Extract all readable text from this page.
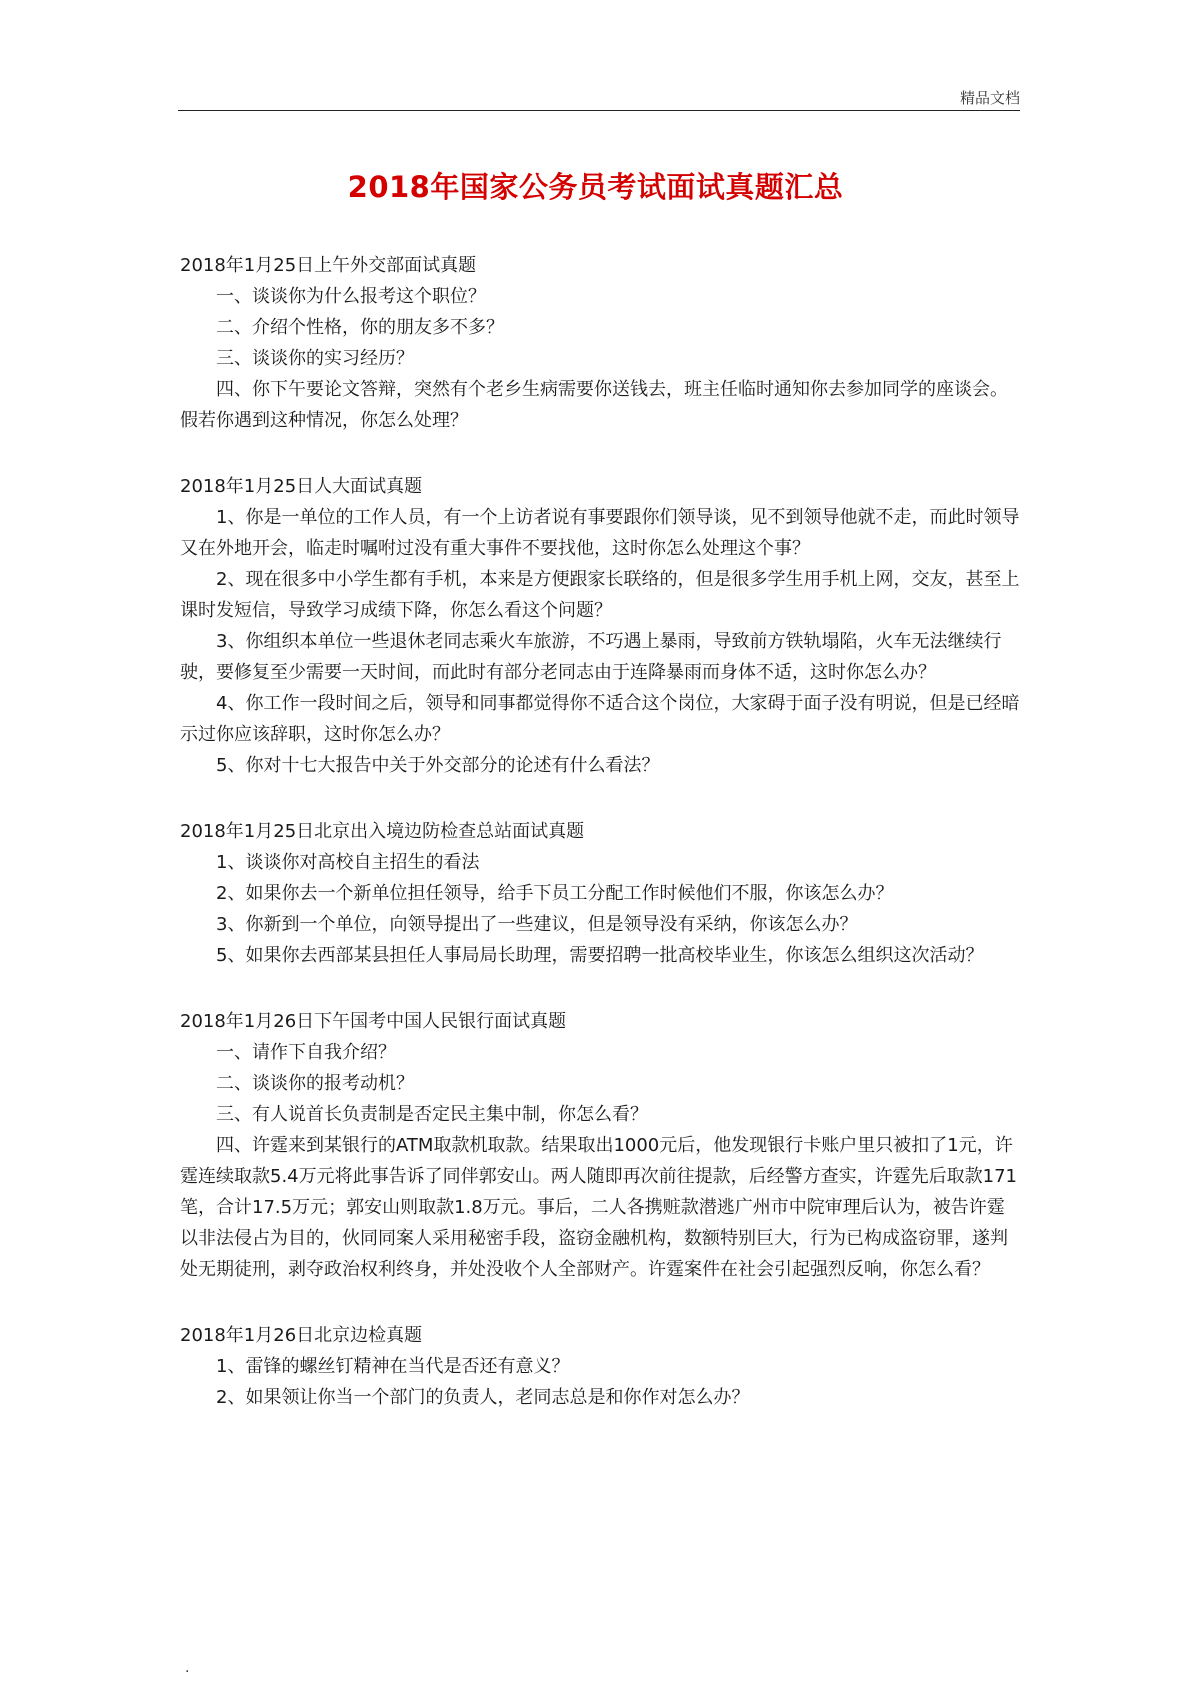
精品文档
2018年国家公务员考试面试真题汇总
2018年1月25日上午外交部面试真题

一、谈谈你为什么报考这个职位？

二、介绍个性格，你的朋友多不多？

三、谈谈你的实习经历？

四、你下午要论文答辩，突然有个老乡生病需要你送钱去，班主任临时通知你去参加同学的座谈会。假若你遇到这种情况，你怎么处理？

2018年1月25日人大面试真题

1、你是一单位的工作人员，有一个上访者说有事要跟你们领导谈，见不到领导他就不走，而此时领导又在外地开会，临走时嘱咐过没有重大事件不要找他，这时你怎么处理这个事？

2、现在很多中小学生都有手机，本来是方便跟家长联络的，但是很多学生用手机上网，交友，甚至上课时发短信，导致学习成绩下降，你怎么看这个问题？

3、你组织本单位一些退休老同志乘火车旅游，不巧遇上暴雨，导致前方铁轨塌陷，火车无法继续行驶，要修复至少需要一天时间，而此时有部分老同志由于连降暴雨而身体不适，这时你怎么办？

4、你工作一段时间之后，领导和同事都觉得你不适合这个岗位，大家碍于面子没有明说，但是已经暗示过你应该辞职，这时你怎么办？

5、你对十七大报告中关于外交部分的论述有什么看法？

2018年1月25日北京出入境边防检查总站面试真题

1、谈谈你对高校自主招生的看法

2、如果你去一个新单位担任领导，给手下员工分配工作时候他们不服，你该怎么办？

3、你新到一个单位，向领导提出了一些建议，但是领导没有采纳，你该怎么办？

5、如果你去西部某县担任人事局局长助理，需要招聘一批高校毕业生，你该怎么组织这次活动？

2018年1月26日下午国考中国人民银行面试真题

一、请作下自我介绍？

二、谈谈你的报考动机？

三、有人说首长负责制是否定民主集中制，你怎么看？

四、许霆来到某银行的ATM取款机取款。结果取出1000元后，他发现银行卡账户里只被扣了1元，许霆连续取款5.4万元将此事告诉了同伴郭安山。两人随即再次前往提款，后经警方查实，许霆先后取款171笔，合计17.5万元；郭安山则取款1.8万元。事后，二人各携赃款潜逃广州市中院审理后认为，被告许霆以非法侵占为目的，伙同同案人采用秘密手段，盗窃金融机构，数额特别巨大，行为已构成盗窃罪，遂判处无期徒刑，剥夺政治权利终身，并处没收个人全部财产。许霆案件在社会引起强烈反响，你怎么看？

2018年1月26日北京边检真题

1、雷锋的螺丝钉精神在当代是否还有意义？

2、如果领让你当一个部门的负责人，老同志总是和你作对怎么办？

.
